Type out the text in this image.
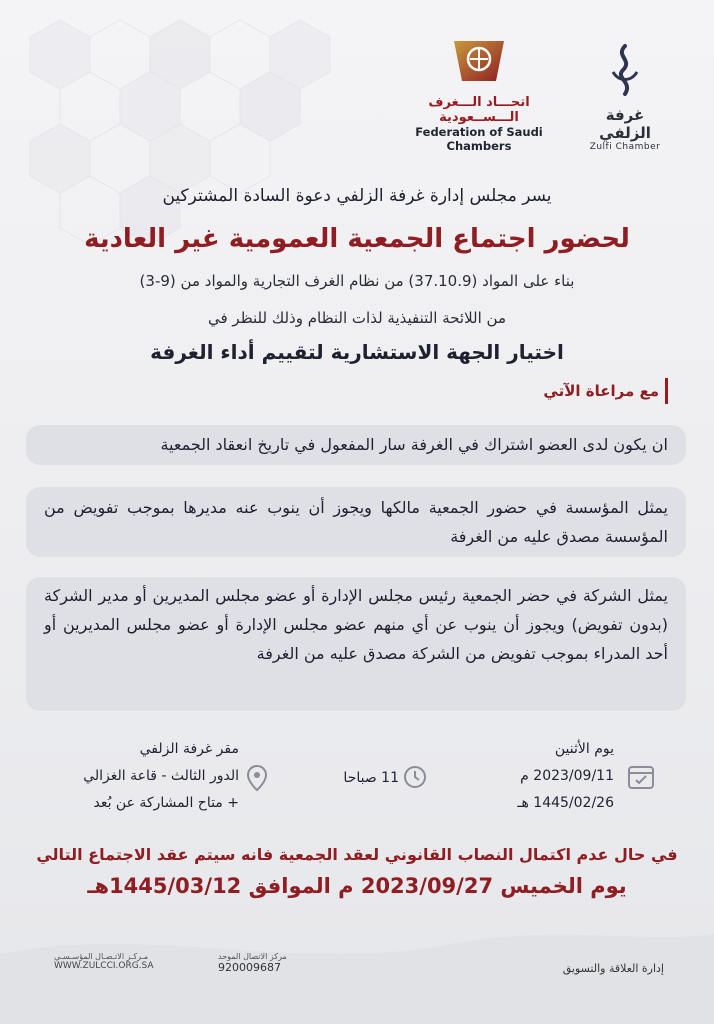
غرفة الزلفي
Zulfi Chamber
اتحـــاد الـــغرف الـــســعودية
Federation of Saudi Chambers
يسر مجلس إدارة غرفة الزلفي دعوة السادة المشتركين
لحضور اجتماع الجمعية العمومية غير العادية
بناء على المواد (37.10.9) من نظام الغرف التجارية والمواد من (9-3)
من اللائحة التنفيذية لذات النظام وذلك للنظر في
اختيار الجهة الاستشارية لتقييم أداء الغرفة
مع مراعاة الآتي
ان يكون لدى العضو اشتراك في الغرفة سار المفعول في تاريخ انعقاد الجمعية
يمثل المؤسسة في حضور الجمعية مالكها ويجوز أن ينوب عنه مديرها بموجب تفويض من المؤسسة مصدق عليه من الغرفة
يمثل الشركة في حضر الجمعية رئيس مجلس الإدارة أو عضو مجلس المديرين أو مدير الشركة (بدون تفويض) ويجوز أن ينوب عن أي منهم عضو مجلس الإدارة أو عضو مجلس المديرين أو أحد المدراء بموجب تفويض من الشركة مصدق عليه من الغرفة
يوم الأثنين
2023/09/11 م
1445/02/26 هـ
11 صباحا
مقر غرفة الزلفي
الدور الثالث - قاعة الغزالي
+ متاح المشاركة عن بُعد
في حال عدم اكتمال النصاب القانوني لعقد الجمعية فانه سيتم عقد الاجتماع التالي
يوم الخميس 2023/09/27 م الموافق 1445/03/12هـ
مـركـز الاتـصـال المؤسـسـي
WWW.ZULCCI.ORG.SA
مركز الاتصال الموحد
920009687	إدارة العلاقة والتسويق
